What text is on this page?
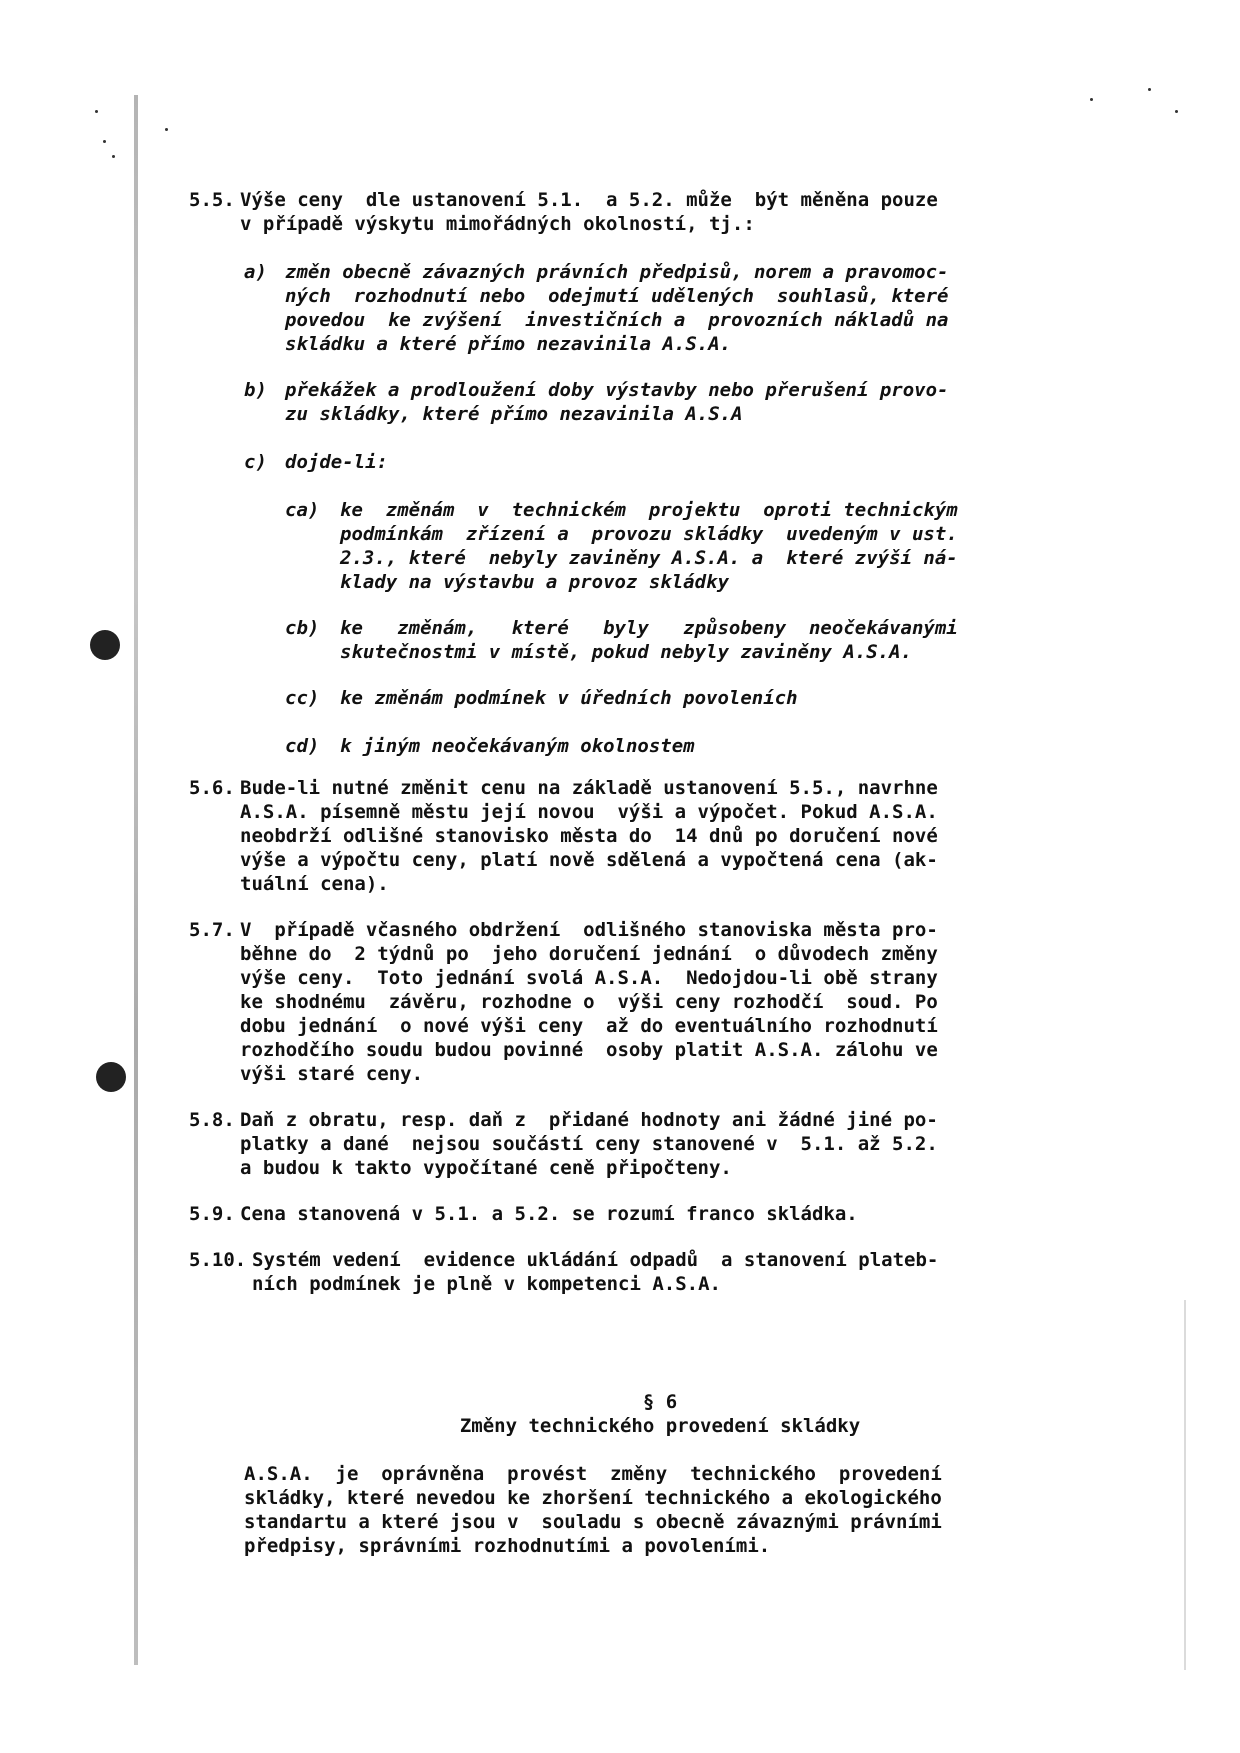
5.5. Výše ceny  dle ustanovení 5.1.  a 5.2. může  být měněna pouze
v případě výskytu mimořádných okolností, tj.:
a) změn obecně závazných právních předpisů, norem a pravomoc-
ných  rozhodnutí nebo  odejmutí udělených  souhlasů, které
povedou  ke zvýšení  investičních a  provozních nákladů na
skládku a které přímo nezavinila A.S.A.
b) překážek a prodloužení doby výstavby nebo přerušení provo-
zu skládky, které přímo nezavinila A.S.A
c) dojde-li:
ca) ke  změnám  v  technickém  projektu  oproti technickým
podmínkám  zřízení a  provozu skládky  uvedeným v ust.
2.3., které  nebyly zaviněny A.S.A. a  které zvýší ná-
klady na výstavbu a provoz skládky
cb) ke   změnám,   které   byly   způsobeny  neočekávanými
skutečnostmi v místě, pokud nebyly zaviněny A.S.A.
cc) ke změnám podmínek v úředních povoleních
cd) k jiným neočekávaným okolnostem
5.6. Bude-li nutné změnit cenu na základě ustanovení 5.5., navrhne
A.S.A. písemně městu její novou  výši a výpočet. Pokud A.S.A.
neobdrží odlišné stanovisko města do  14 dnů po doručení nové
výše a výpočtu ceny, platí nově sdělená a vypočtená cena (ak-
tuální cena).
5.7. V  případě včasného obdržení  odlišného stanoviska města pro-
běhne do  2 týdnů po  jeho doručení jednání  o důvodech změny
výše ceny.  Toto jednání svolá A.S.A.  Nedojdou-li obě strany
ke shodnému  závěru, rozhodne o  výši ceny rozhodčí  soud. Po
dobu jednání  o nové výši ceny  až do eventuálního rozhodnutí
rozhodčího soudu budou povinné  osoby platit A.S.A. zálohu ve
výši staré ceny.
5.8. Daň z obratu, resp. daň z  přidané hodnoty ani žádné jiné po-
platky a dané  nejsou součástí ceny stanovené v  5.1. až 5.2.
a budou k takto vypočítané ceně připočteny.
5.9. Cena stanovená v 5.1. a 5.2. se rozumí franco skládka.
5.10. Systém vedení  evidence ukládání odpadů  a stanovení plateb-
ních podmínek je plně v kompetenci A.S.A.
§ 6
Změny technického provedení skládky
A.S.A.  je  oprávněna  provést  změny  technického  provedení
skládky, které nevedou ke zhoršení technického a ekologického
standartu a které jsou v  souladu s obecně závaznými právními
předpisy, správními rozhodnutími a povoleními.
